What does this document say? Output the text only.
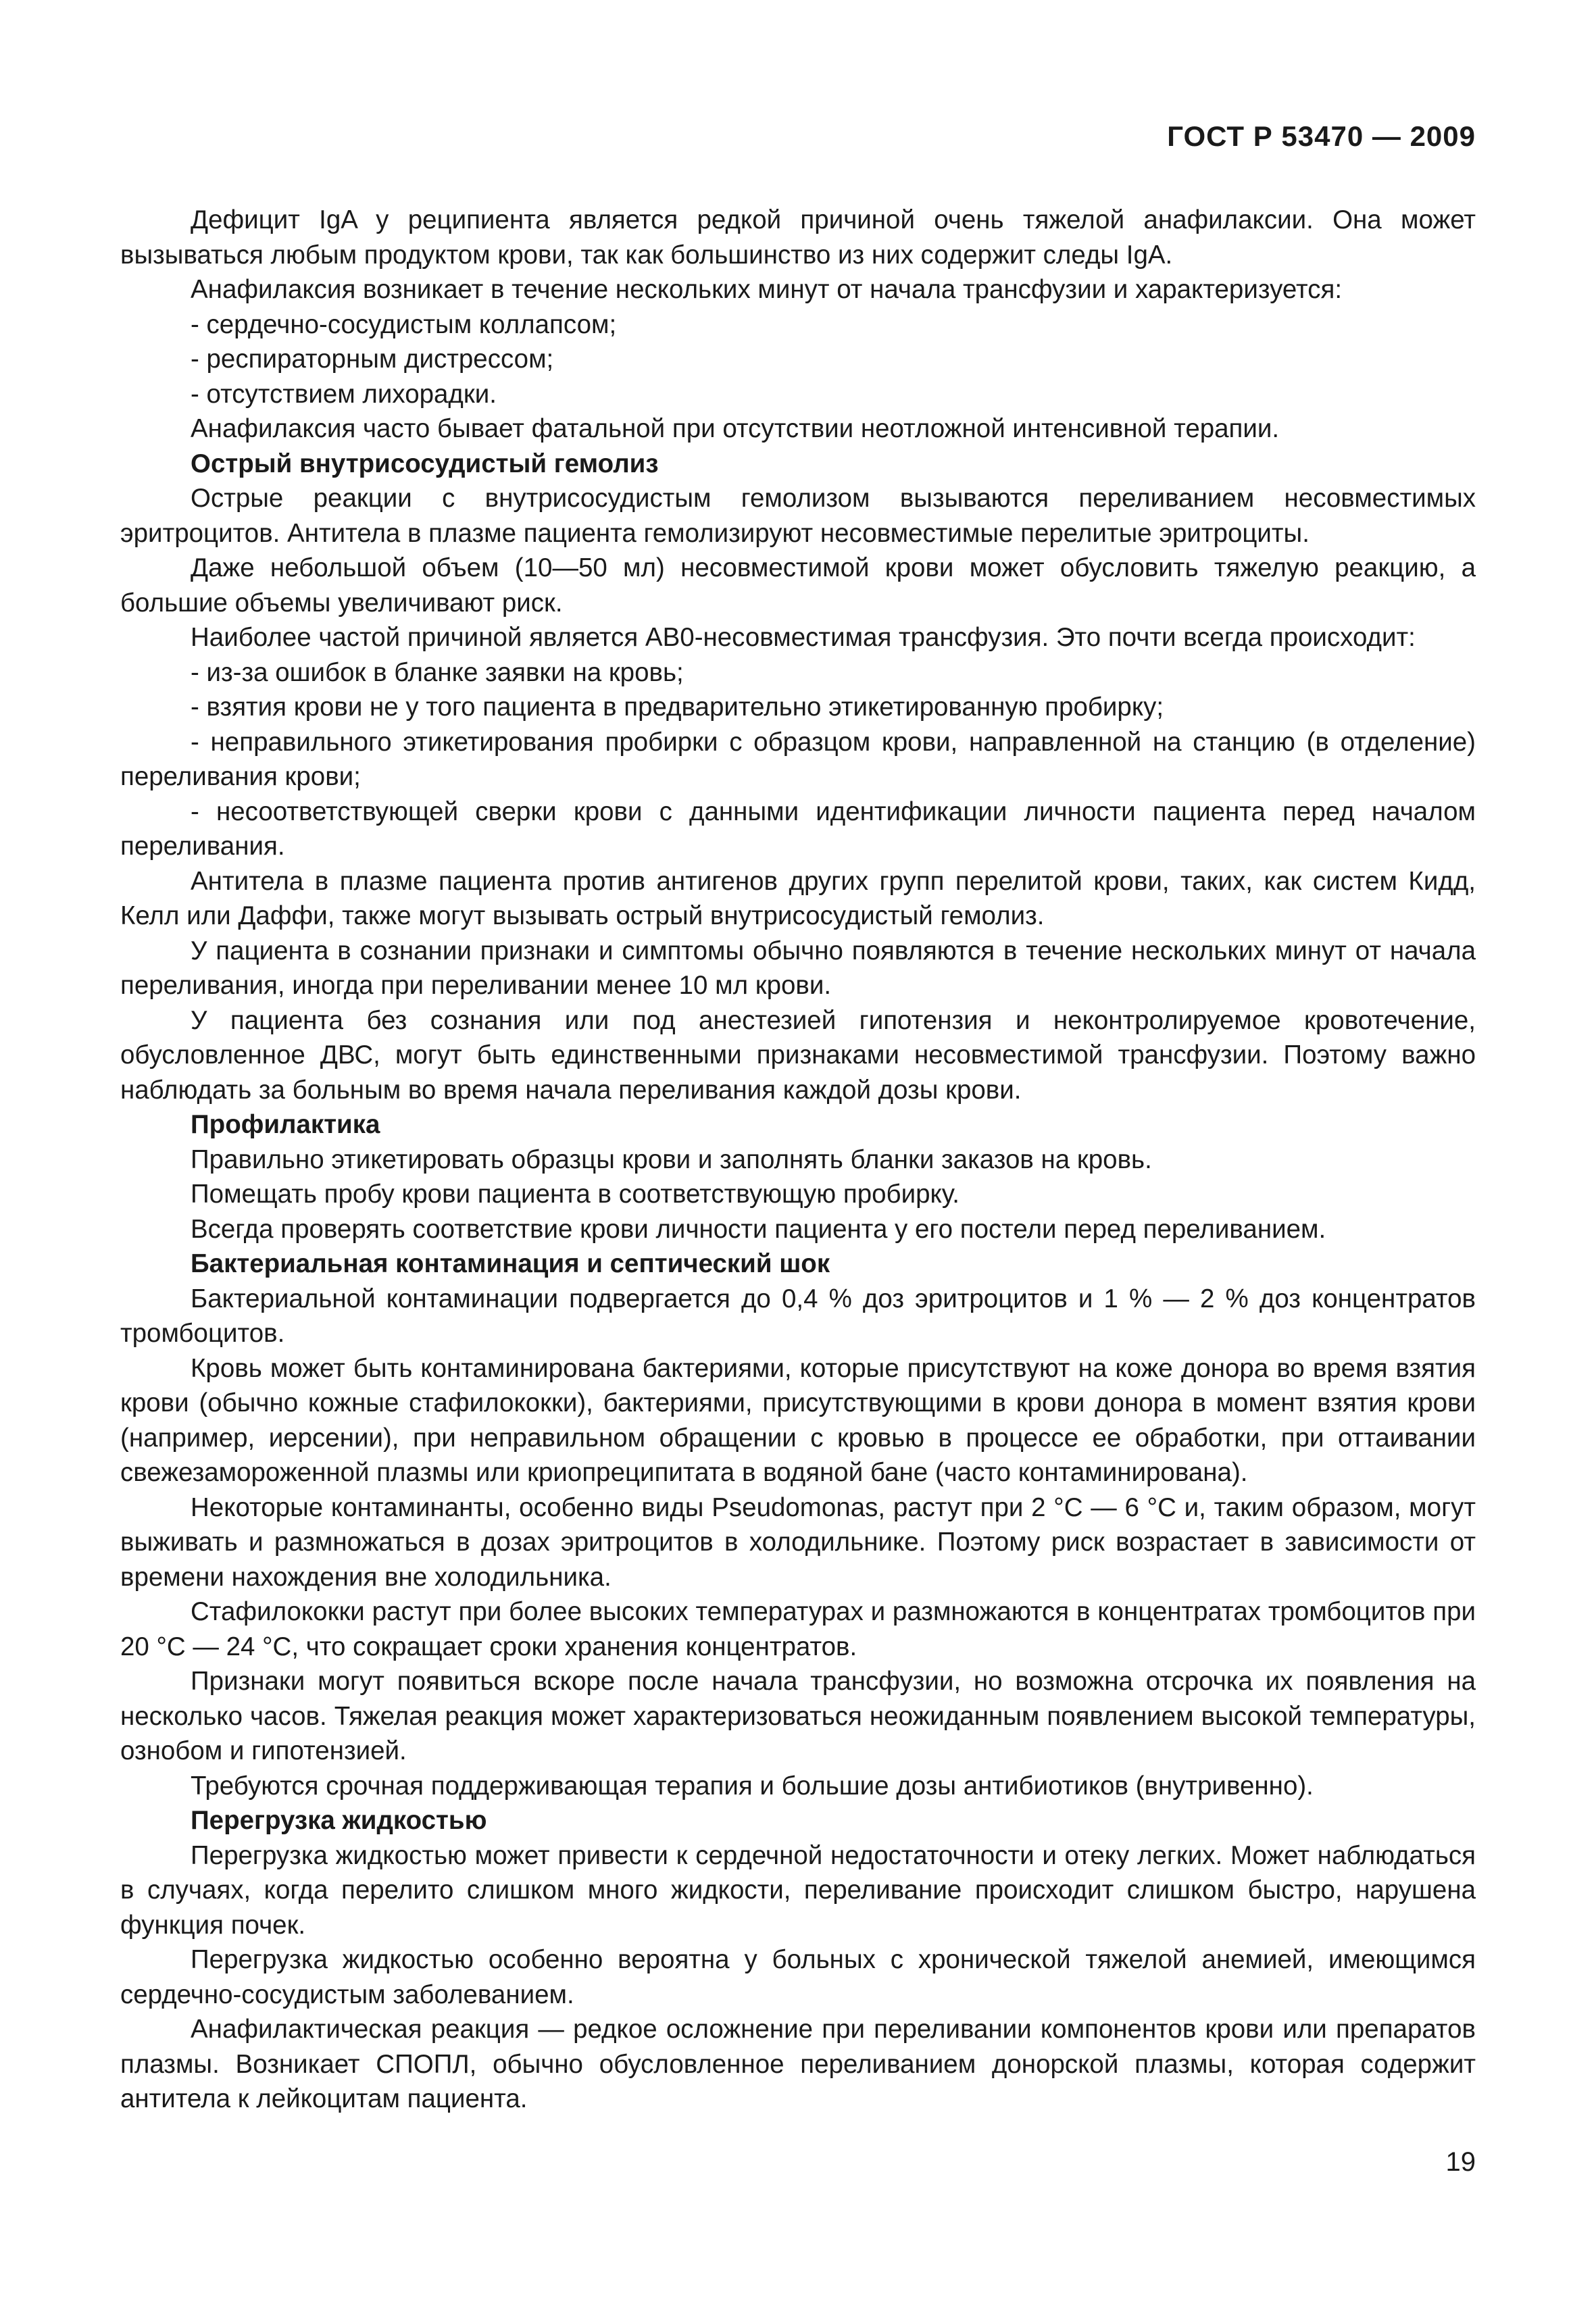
ГОСТ Р 53470 — 2009

Дефицит IgA у реципиента является редкой причиной очень тяжелой анафилаксии. Она может вызываться любым продуктом крови, так как большинство из них содержит следы IgA.

Анафилаксия возникает в течение нескольких минут от начала трансфузии и характеризуется:

- сердечно-сосудистым коллапсом;

- респираторным дистрессом;

- отсутствием лихорадки.

Анафилаксия часто бывает фатальной при отсутствии неотложной интенсивной терапии.

Острый внутрисосудистый гемолиз

Острые реакции с внутрисосудистым гемолизом вызываются переливанием несовместимых эритроцитов. Антитела в плазме пациента гемолизируют несовместимые перелитые эритроциты.

Даже небольшой объем (10—50 мл) несовместимой крови может обусловить тяжелую реакцию, а большие объемы увеличивают риск.

Наиболее частой причиной является АВ0-несовместимая трансфузия. Это почти всегда происходит:

- из-за ошибок в бланке заявки на кровь;

- взятия крови не у того пациента в предварительно этикетированную пробирку;

- неправильного этикетирования пробирки с образцом крови, направленной на станцию (в отделение) переливания крови;

- несоответствующей сверки крови с данными идентификации личности пациента перед началом переливания.

Антитела в плазме пациента против антигенов других групп перелитой крови, таких, как систем Кидд, Келл или Даффи, также могут вызывать острый внутрисосудистый гемолиз.

У пациента в сознании признаки и симптомы обычно появляются в течение нескольких минут от начала переливания, иногда при переливании менее 10 мл крови.

У пациента без сознания или под анестезией гипотензия и неконтролируемое кровотечение, обусловленное ДВС, могут быть единственными признаками несовместимой трансфузии. Поэтому важно наблюдать за больным во время начала переливания каждой дозы крови.

Профилактика

Правильно этикетировать образцы крови и заполнять бланки заказов на кровь.

Помещать пробу крови пациента в соответствующую пробирку.

Всегда проверять соответствие крови личности пациента у его постели перед переливанием.

Бактериальная контаминация и септический шок

Бактериальной контаминации подвергается до 0,4 % доз эритроцитов и 1 % — 2 % доз концентратов тромбоцитов.

Кровь может быть контаминирована бактериями, которые присутствуют на коже донора во время взятия крови (обычно кожные стафилококки), бактериями, присутствующими в крови донора в момент взятия крови (например, иерсении), при неправильном обращении с кровью в процессе ее обработки, при оттаивании свежезамороженной плазмы или криопреципитата в водяной бане (часто контаминирована).

Некоторые контаминанты, особенно виды Pseudomonas, растут при 2 °С — 6 °С и, таким образом, могут выживать и размножаться в дозах эритроцитов в холодильнике. Поэтому риск возрастает в зависимости от времени нахождения вне холодильника.

Стафилококки растут при более высоких температурах и размножаются в концентратах тромбоцитов при 20 °С — 24 °С, что сокращает сроки хранения концентратов.

Признаки могут появиться вскоре после начала трансфузии, но возможна отсрочка их появления на несколько часов. Тяжелая реакция может характеризоваться неожиданным появлением высокой температуры, ознобом и гипотензией.

Требуются срочная поддерживающая терапия и большие дозы антибиотиков (внутривенно).

Перегрузка жидкостью

Перегрузка жидкостью может привести к сердечной недостаточности и отеку легких. Может наблюдаться в случаях, когда перелито слишком много жидкости, переливание происходит слишком быстро, нарушена функция почек.

Перегрузка жидкостью особенно вероятна у больных с хронической тяжелой анемией, имеющимся сердечно-сосудистым заболеванием.

Анафилактическая реакция — редкое осложнение при переливании компонентов крови или препаратов плазмы. Возникает СПОПЛ, обычно обусловленное переливанием донорской плазмы, которая содержит антитела к лейкоцитам пациента.

19
